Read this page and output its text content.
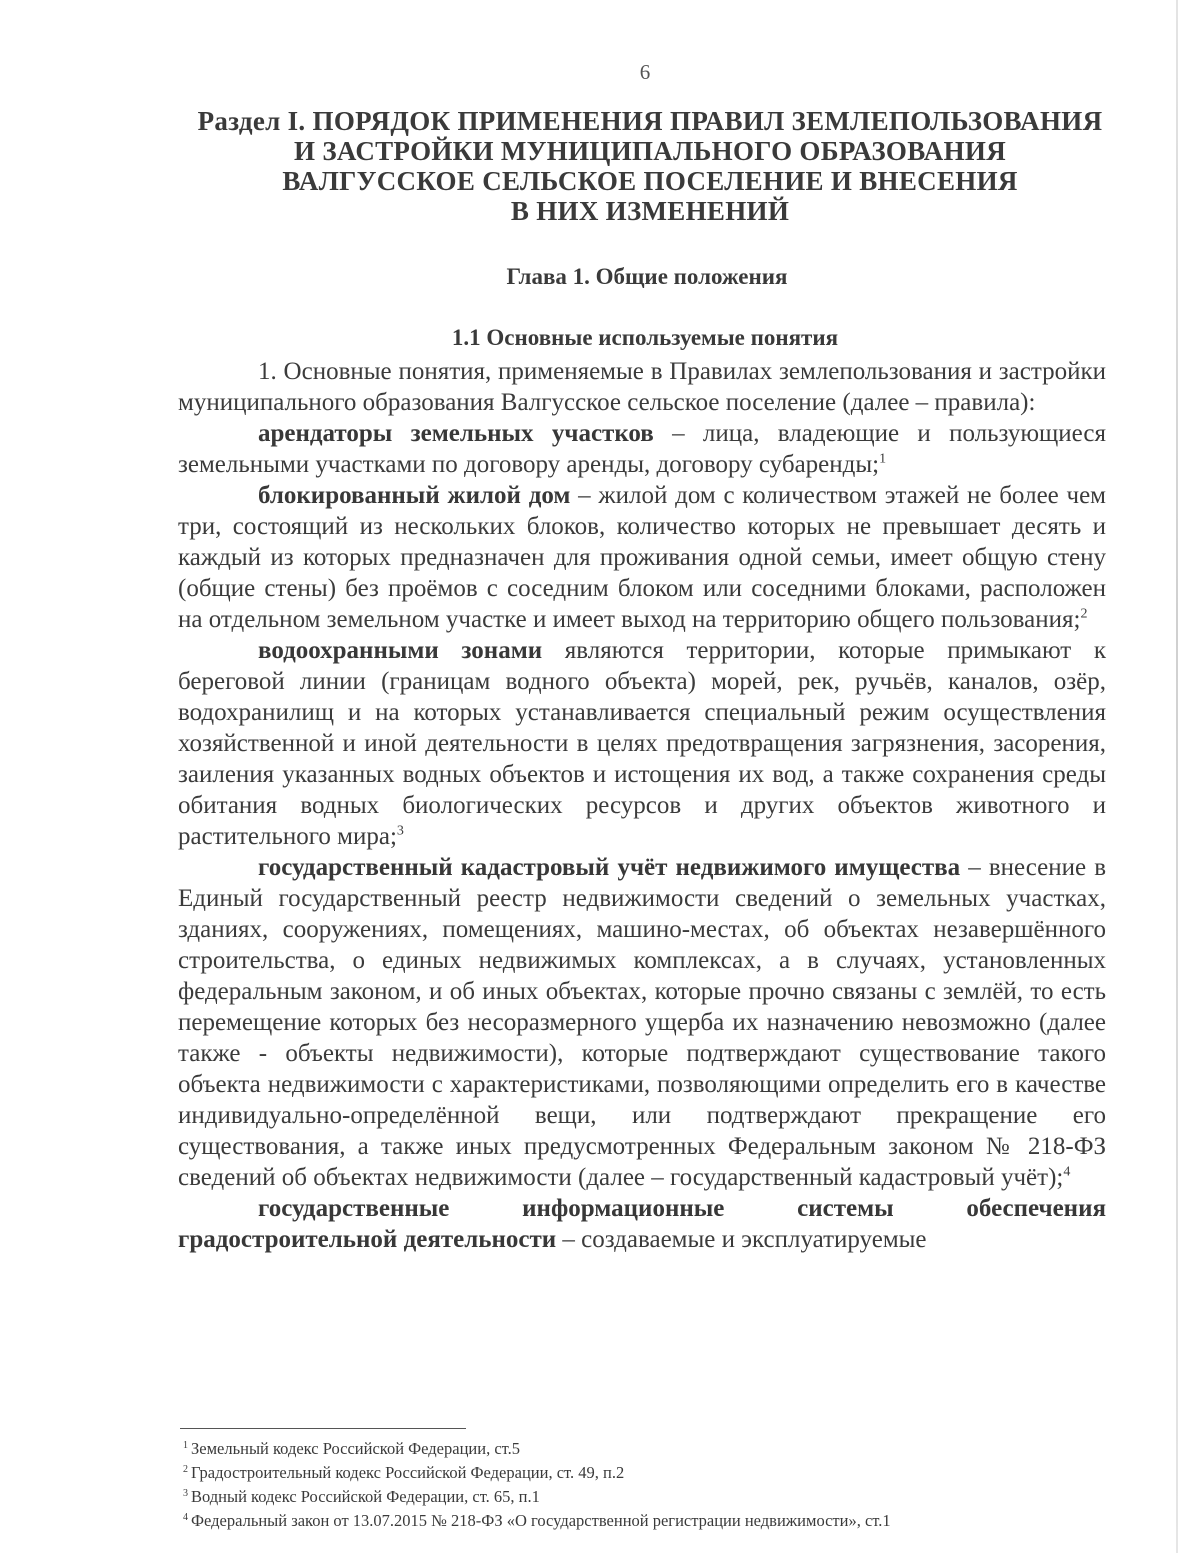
6
Раздел I. ПОРЯДОК ПРИМЕНЕНИЯ ПРАВИЛ ЗЕМЛЕПОЛЬЗОВАНИЯ
И ЗАСТРОЙКИ МУНИЦИПАЛЬНОГО ОБРАЗОВАНИЯ
ВАЛГУССКОЕ СЕЛЬСКОЕ ПОСЕЛЕНИЕ И ВНЕСЕНИЯ
В НИХ ИЗМЕНЕНИЙ
Глава 1. Общие положения
1.1 Основные используемые понятия

1. Основные понятия, применяемые в Правилах землепользования и застройки муниципального образования Валгусское сельское поселение (далее – правила):

арендаторы земельных участков – лица, владеющие и пользующиеся земельными участками по договору аренды, договору субаренды;$^1$

блокированный жилой дом – жилой дом с количеством этажей не более чем три, состоящий из нескольких блоков, количество которых не превышает десять и каждый из которых предназначен для проживания одной семьи, имеет общую стену (общие стены) без проёмов с соседним блоком или соседними блоками, расположен на отдельном земельном участке и имеет выход на территорию общего пользования;$^2$

водоохранными зонами являются территории, которые примыкают к береговой линии (границам водного объекта) морей, рек, ручьёв, каналов, озёр, водохранилищ и на которых устанавливается специальный режим осуществления хозяйственной и иной деятельности в целях предотвращения загрязнения, засорения, заиления указанных водных объектов и истощения их вод, а также сохранения среды обитания водных биологических ресурсов и других объектов животного и растительного мира;$^3$

государственный кадастровый учёт недвижимого имущества – внесение в Единый государственный реестр недвижимости сведений о земельных участках, зданиях, сооружениях, помещениях, машино-местах, об объектах незавершённого строительства, о единых недвижимых комплексах, а в случаях, установленных федеральным законом, и об иных объектах, которые прочно связаны с землёй, то есть перемещение которых без несоразмерного ущерба их назначению невозможно (далее также - объекты недвижимости), которые подтверждают существование такого объекта недвижимости с характеристиками, позволяющими определить его в качестве индивидуально-определённой вещи, или подтверждают прекращение его существования, а также иных предусмотренных Федеральным законом № 218-ФЗ сведений об объектах недвижимости (далее – государственный кадастровый учёт);$^4$

государственные информационные системы обеспечения градостроительной деятельности – создаваемые и эксплуатируемые

$^1$ Земельный кодекс Российской Федерации, ст.5
$^2$ Градостроительный кодекс Российской Федерации, ст. 49, п.2
$^3$ Водный кодекс Российской Федерации, ст. 65, п.1
$^4$ Федеральный закон от 13.07.2015 № 218-ФЗ «О государственной регистрации недвижимости», ст.1
